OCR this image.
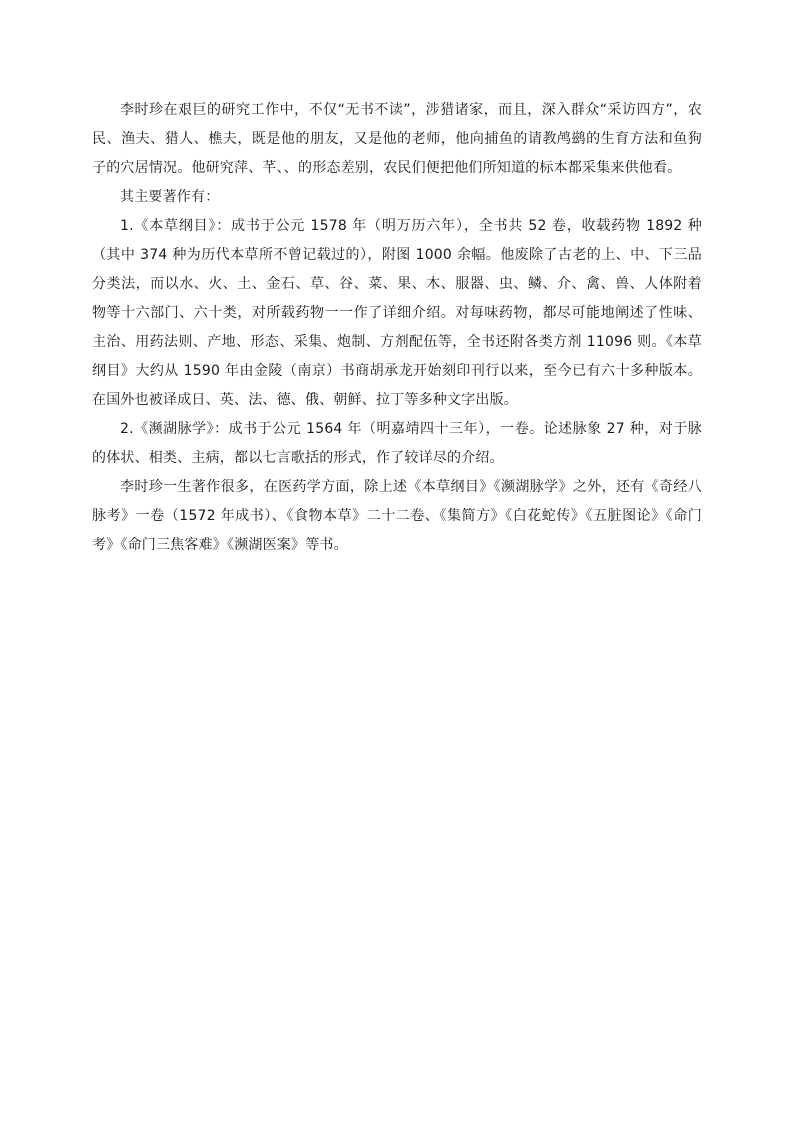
李时珍在艰巨的研究工作中，不仅“无书不读”，涉猎诸家，而且，深入群众“采访四方”，农民、渔夫、猎人、樵夫，既是他的朋友，又是他的老师，他向捕鱼的请教鸬鹚的生育方法和鱼狗子的穴居情况。他研究萍、芊、、的形态差别，农民们便把他们所知道的标本都采集来供他看。

其主要著作有：

1.《本草纲目》：成书于公元 1578 年（明万历六年），全书共 52 卷，收载药物 1892 种（其中 374 种为历代本草所不曾记载过的），附图 1000 余幅。他废除了古老的上、中、下三品分类法，而以水、火、土、金石、草、谷、菜、果、木、服器、虫、鳞、介、禽、兽、人体附着物等十六部门、六十类，对所载药物一一作了详细介绍。对每味药物，都尽可能地阐述了性味、主治、用药法则、产地、形态、采集、炮制、方剂配伍等，全书还附各类方剂 11096 则。《本草纲目》大约从 1590 年由金陵（南京）书商胡承龙开始刻印刊行以来，至今已有六十多种版本。在国外也被译成日、英、法、德、俄、朝鲜、拉丁等多种文字出版。

2.《濒湖脉学》：成书于公元 1564 年（明嘉靖四十三年），一卷。论述脉象 27 种，对于脉的体状、相类、主病，都以七言歌括的形式，作了较详尽的介绍。

李时珍一生著作很多，在医药学方面，除上述《本草纲目》《濒湖脉学》之外，还有《奇经八脉考》一卷（1572 年成书）、《食物本草》二十二卷、《集简方》《白花蛇传》《五脏图论》《命门考》《命门三焦客难》《濒湖医案》等书。
